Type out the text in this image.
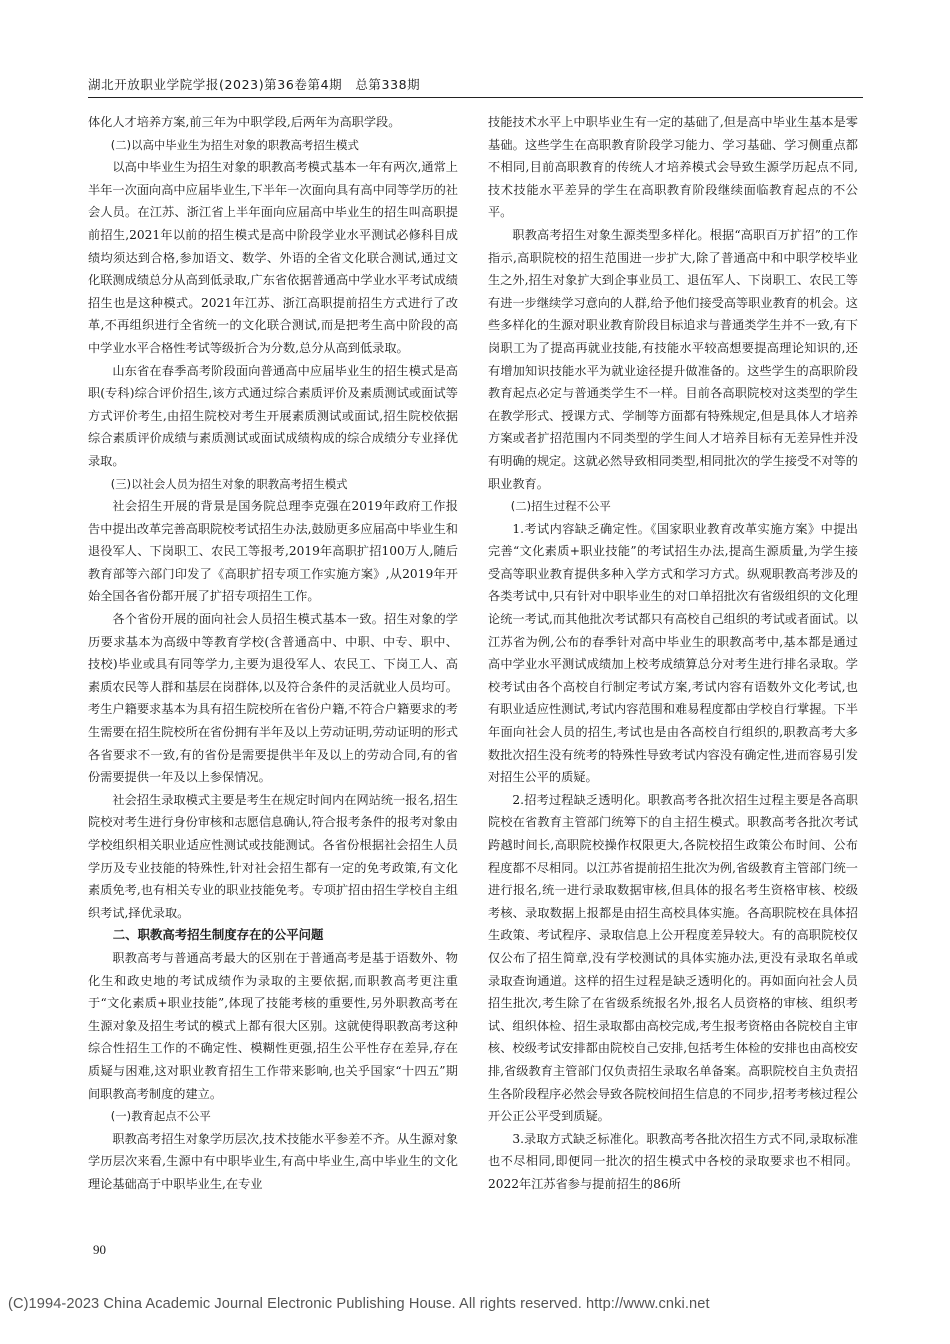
湖北开放职业学院学报(2023)第36卷第4期　总第338期

体化人才培养方案,前三年为中职学段,后两年为高职学段。

(二)以高中毕业生为招生对象的职教高考招生模式

以高中毕业生为招生对象的职教高考模式基本一年有两次,通常上半年一次面向高中应届毕业生,下半年一次面向具有高中同等学历的社会人员。在江苏、浙江省上半年面向应届高中毕业生的招生叫高职提前招生,2021年以前的招生模式是高中阶段学业水平测试必修科目成绩均须达到合格,参加语文、数学、外语的全省文化联合测试,通过文化联测成绩总分从高到低录取,广东省依据普通高中学业水平考试成绩招生也是这种模式。2021年江苏、浙江高职提前招生方式进行了改革,不再组织进行全省统一的文化联合测试,而是把考生高中阶段的高中学业水平合格性考试等级折合为分数,总分从高到低录取。

山东省在春季高考阶段面向普通高中应届毕业生的招生模式是高职(专科)综合评价招生,该方式通过综合素质评价及素质测试或面试等方式评价考生,由招生院校对考生开展素质测试或面试,招生院校依据综合素质评价成绩与素质测试或面试成绩构成的综合成绩分专业择优录取。

(三)以社会人员为招生对象的职教高考招生模式

社会招生开展的背景是国务院总理李克强在2019年政府工作报告中提出改革完善高职院校考试招生办法,鼓励更多应届高中毕业生和退役军人、下岗职工、农民工等报考,2019年高职扩招100万人,随后教育部等六部门印发了《高职扩招专项工作实施方案》,从2019年开始全国各省份都开展了扩招专项招生工作。

各个省份开展的面向社会人员招生模式基本一致。招生对象的学历要求基本为高级中等教育学校(含普通高中、中职、中专、职中、技校)毕业或具有同等学力,主要为退役军人、农民工、下岗工人、高素质农民等人群和基层在岗群体,以及符合条件的灵活就业人员均可。考生户籍要求基本为具有招生院校所在省份户籍,不符合户籍要求的考生需要在招生院校所在省份拥有半年及以上劳动证明,劳动证明的形式各省要求不一致,有的省份是需要提供半年及以上的劳动合同,有的省份需要提供一年及以上参保情况。

社会招生录取模式主要是考生在规定时间内在网站统一报名,招生院校对考生进行身份审核和志愿信息确认,符合报考条件的报考对象由学校组织相关职业适应性测试或技能测试。各省份根据社会招生人员学历及专业技能的特殊性,针对社会招生都有一定的免考政策,有文化素质免考,也有相关专业的职业技能免考。专项扩招由招生学校自主组织考试,择优录取。

二、职教高考招生制度存在的公平问题

职教高考与普通高考最大的区别在于普通高考是基于语数外、物化生和政史地的考试成绩作为录取的主要依据,而职教高考更注重于“文化素质+职业技能”,体现了技能考核的重要性,另外职教高考在生源对象及招生考试的模式上都有很大区别。这就使得职教高考这种综合性招生工作的不确定性、模糊性更强,招生公平性存在差异,存在质疑与困难,这对职业教育招生工作带来影响,也关乎国家“十四五”期间职教高考制度的建立。

(一)教育起点不公平

职教高考招生对象学历层次,技术技能水平参差不齐。从生源对象学历层次来看,生源中有中职毕业生,有高中毕业生,高中毕业生的文化理论基础高于中职毕业生,在专业

技能技术水平上中职毕业生有一定的基础了,但是高中毕业生基本是零基础。这些学生在高职教育阶段学习能力、学习基础、学习侧重点都不相同,目前高职教育的传统人才培养模式会导致生源学历起点不同,技术技能水平差异的学生在高职教育阶段继续面临教育起点的不公平。

职教高考招生对象生源类型多样化。根据“高职百万扩招”的工作指示,高职院校的招生范围进一步扩大,除了普通高中和中职学校毕业生之外,招生对象扩大到企事业员工、退伍军人、下岗职工、农民工等有进一步继续学习意向的人群,给予他们接受高等职业教育的机会。这些多样化的生源对职业教育阶段目标追求与普通类学生并不一致,有下岗职工为了提高再就业技能,有技能水平较高想要提高理论知识的,还有增加知识技能水平为就业途径提升做准备的。这些学生的高职阶段教育起点必定与普通类学生不一样。目前各高职院校对这类型的学生在教学形式、授课方式、学制等方面都有特殊规定,但是具体人才培养方案或者扩招范围内不同类型的学生间人才培养目标有无差异性并没有明确的规定。这就必然导致相同类型,相同批次的学生接受不对等的职业教育。

(二)招生过程不公平

1.考试内容缺乏确定性。《国家职业教育改革实施方案》中提出完善“文化素质+职业技能”的考试招生办法,提高生源质量,为学生接受高等职业教育提供多种入学方式和学习方式。纵观职教高考涉及的各类考试中,只有针对中职毕业生的对口单招批次有省级组织的文化理论统一考试,而其他批次考试都只有高校自己组织的考试或者面试。以江苏省为例,公布的春季针对高中毕业生的职教高考中,基本都是通过高中学业水平测试成绩加上校考成绩算总分对考生进行排名录取。学校考试由各个高校自行制定考试方案,考试内容有语数外文化考试,也有职业适应性测试,考试内容范围和难易程度都由学校自行掌握。下半年面向社会人员的招生,考试也是由各高校自行组织的,职教高考大多数批次招生没有统考的特殊性导致考试内容没有确定性,进而容易引发对招生公平的质疑。

2.招考过程缺乏透明化。职教高考各批次招生过程主要是各高职院校在省教育主管部门统筹下的自主招生模式。职教高考各批次考试跨越时间长,高职院校操作权限更大,各院校招生政策公布时间、公布程度都不尽相同。以江苏省提前招生批次为例,省级教育主管部门统一进行报名,统一进行录取数据审核,但具体的报名考生资格审核、校级考核、录取数据上报都是由招生高校具体实施。各高职院校在具体招生政策、考试程序、录取信息上公开程度差异较大。有的高职院校仅仅公布了招生简章,没有学校测试的具体实施办法,更没有录取名单或录取查询通道。这样的招生过程是缺乏透明化的。再如面向社会人员招生批次,考生除了在省级系统报名外,报名人员资格的审核、组织考试、组织体检、招生录取都由高校完成,考生报考资格由各院校自主审核、校级考试安排都由院校自己安排,包括考生体检的安排也由高校安排,省级教育主管部门仅负责招生录取名单备案。高职院校自主负责招生各阶段程序必然会导致各院校间招生信息的不同步,招考考核过程公开公正公平受到质疑。

3.录取方式缺乏标准化。职教高考各批次招生方式不同,录取标准也不尽相同,即便同一批次的招生模式中各校的录取要求也不相同。2022年江苏省参与提前招生的86所

90
(C)1994-2023 China Academic Journal Electronic Publishing House. All rights reserved. http://www.cnki.net
